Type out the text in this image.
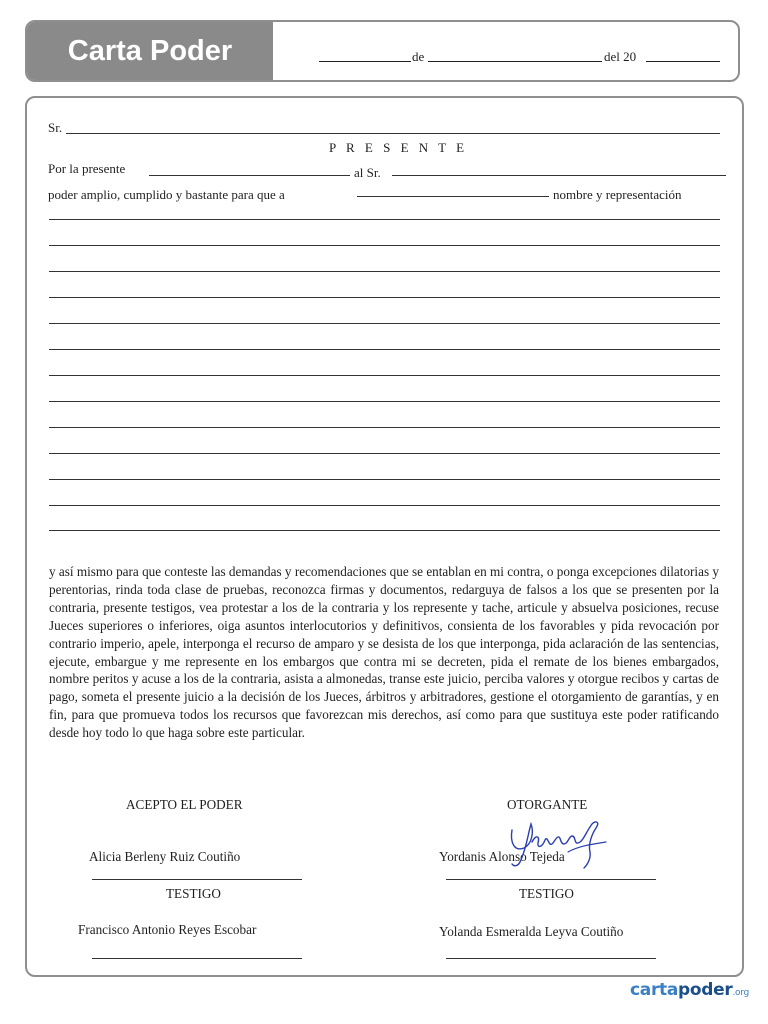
Carta Poder	de	del 20
Sr.
P R E S E N T E
Por la presente	al Sr.
poder amplio, cumplido y bastante para que a	nombre y representación
y así mismo para que conteste las demandas y recomendaciones que se entablan en mi contra, o ponga excepciones dilatorias y perentorias, rinda toda clase de pruebas, reconozca firmas y documentos, redarguya de falsos a los que se presenten por la contraria, presente testigos, vea protestar a los de la contraria y los represente y tache, articule y absuelva posiciones, recuse Jueces superiores o inferiores, oiga asuntos interlocutorios y definitivos, consienta de los favorables y pida revocación por contrario imperio, apele, interponga el recurso de amparo y se desista de los que interponga, pida aclaración de las sentencias, ejecute, embargue y me represente en los embargos que contra mi se decreten, pida el remate de los bienes embargados, nombre peritos y acuse a los de la contraria, asista a almonedas, transe este juicio, perciba valores y otorgue recibos y cartas de pago, someta el presente juicio a la decisión de los Jueces, árbitros y arbitradores, gestione el otorgamiento de garantías, y en fin, para que promueva todos los recursos que favorezcan mis derechos, así como para que sustituya este poder ratificando desde hoy todo lo que haga sobre este particular.
ACEPTO EL PODER	OTORGANTE
Alicia Berleny Ruiz Coutiño	Yordanis Alonso Tejeda
TESTIGO	TESTIGO
Francisco Antonio Reyes Escobar	Yolanda Esmeralda Leyva Coutiño
cartapoder.org
